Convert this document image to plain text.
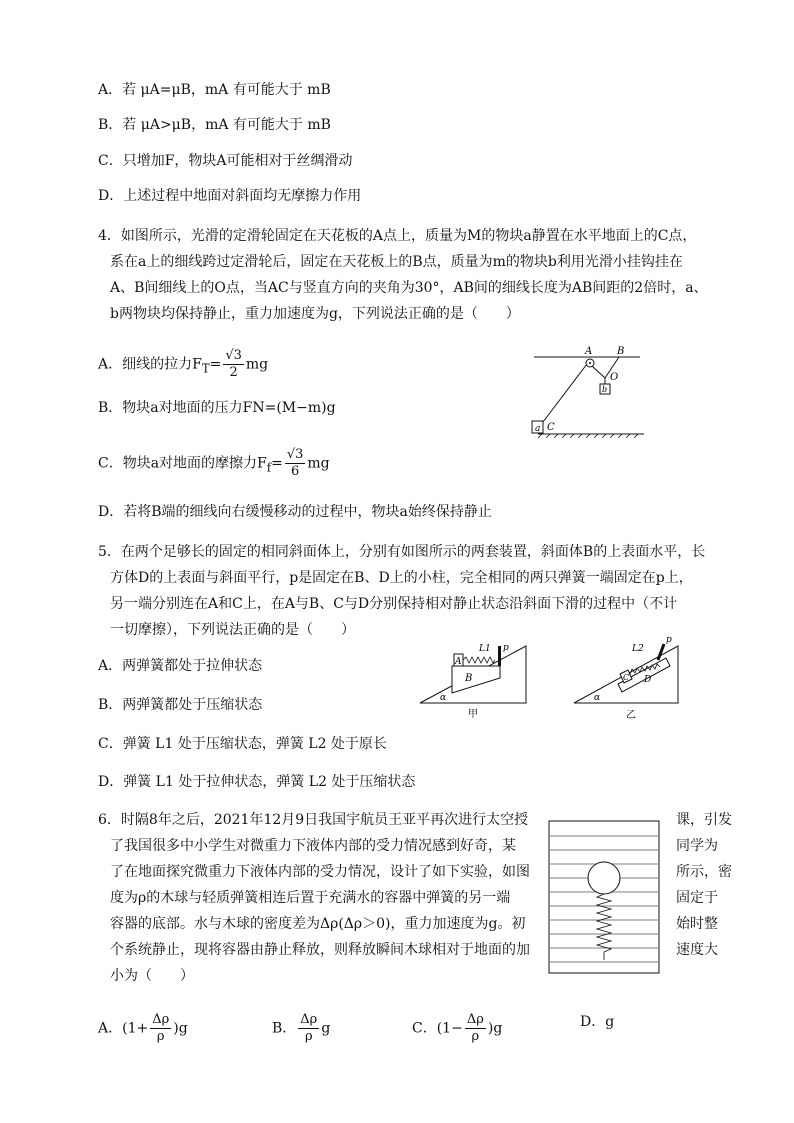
A．若 μA=μB，mA 有可能大于 mB
B．若 μA>μB，mA 有可能大于 mB
C．只增加F，物块A可能相对于丝绸滑动
D．上述过程中地面对斜面均无摩擦力作用
4．如图所示，光滑的定滑轮固定在天花板的A点上，质量为M的物块a静置在水平地面上的C点，
系在a上的细线跨过定滑轮后，固定在天花板上的B点，质量为m的物块b利用光滑小挂钩挂在
A、B间细线上的O点，当AC与竖直方向的夹角为30°，AB间的细线长度为AB间距的2倍时，a、
b两物块均保持静止，重力加速度为g，下列说法正确的是（　　）
A．细线的拉力$F_T= \frac{√3}{2}$ mg
B．物块a对地面的压力FN=(M−m)g
C．物块a对地面的摩擦力$F_f= \frac{√3}{6}$ mg
D．若将B端的细线向右缓慢移动的过程中，物块a始终保持静止
a C
A B
O
b
5．在两个足够长的固定的相同斜面体上，分别有如图所示的两套装置，斜面体B的上表面水平，长
方体D的上表面与斜面平行，p是固定在B、D上的小柱，完全相同的两只弹簧一端固定在p上，
另一端分别连在A和C上，在A与B、C与D分别保持相对静止状态沿斜面下滑的过程中（不计
一切摩擦），下列说法正确的是（　　）
A．两弹簧都处于拉伸状态
B．两弹簧都处于压缩状态
C．弹簧 L1 处于压缩状态，弹簧 L2 处于原长
D．弹簧 L1 处于拉伸状态，弹簧 L2 处于压缩状态
α
B
A
L1 p
甲
α
D
C
L2
p
乙
6．时隔8年之后，2021年12月9日我国宇航员王亚平再次进行太空授	课，引发
了我国很多中小学生对微重力下液体内部的受力情况感到好奇，某	同学为
了在地面探究微重力下液体内部的受力情况，设计了如下实验，如图	所示，密
度为ρ的木球与轻质弹簧相连后置于充满水的容器中弹簧的另一端	固定于
容器的底部。水与木球的密度差为Δρ(Δρ＞0)，重力加速度为g。初	始时整
个系统静止，现将容器由静止释放，则释放瞬间木球相对于地面的加	速度大
小为（　　）
A．$(1+ \frac{\Delta\rho}{\rho} )g$	B． $\frac{\Delta\rho}{\rho}$ g	C．$(1- \frac{\Delta\rho}{\rho} )g$	D．g
